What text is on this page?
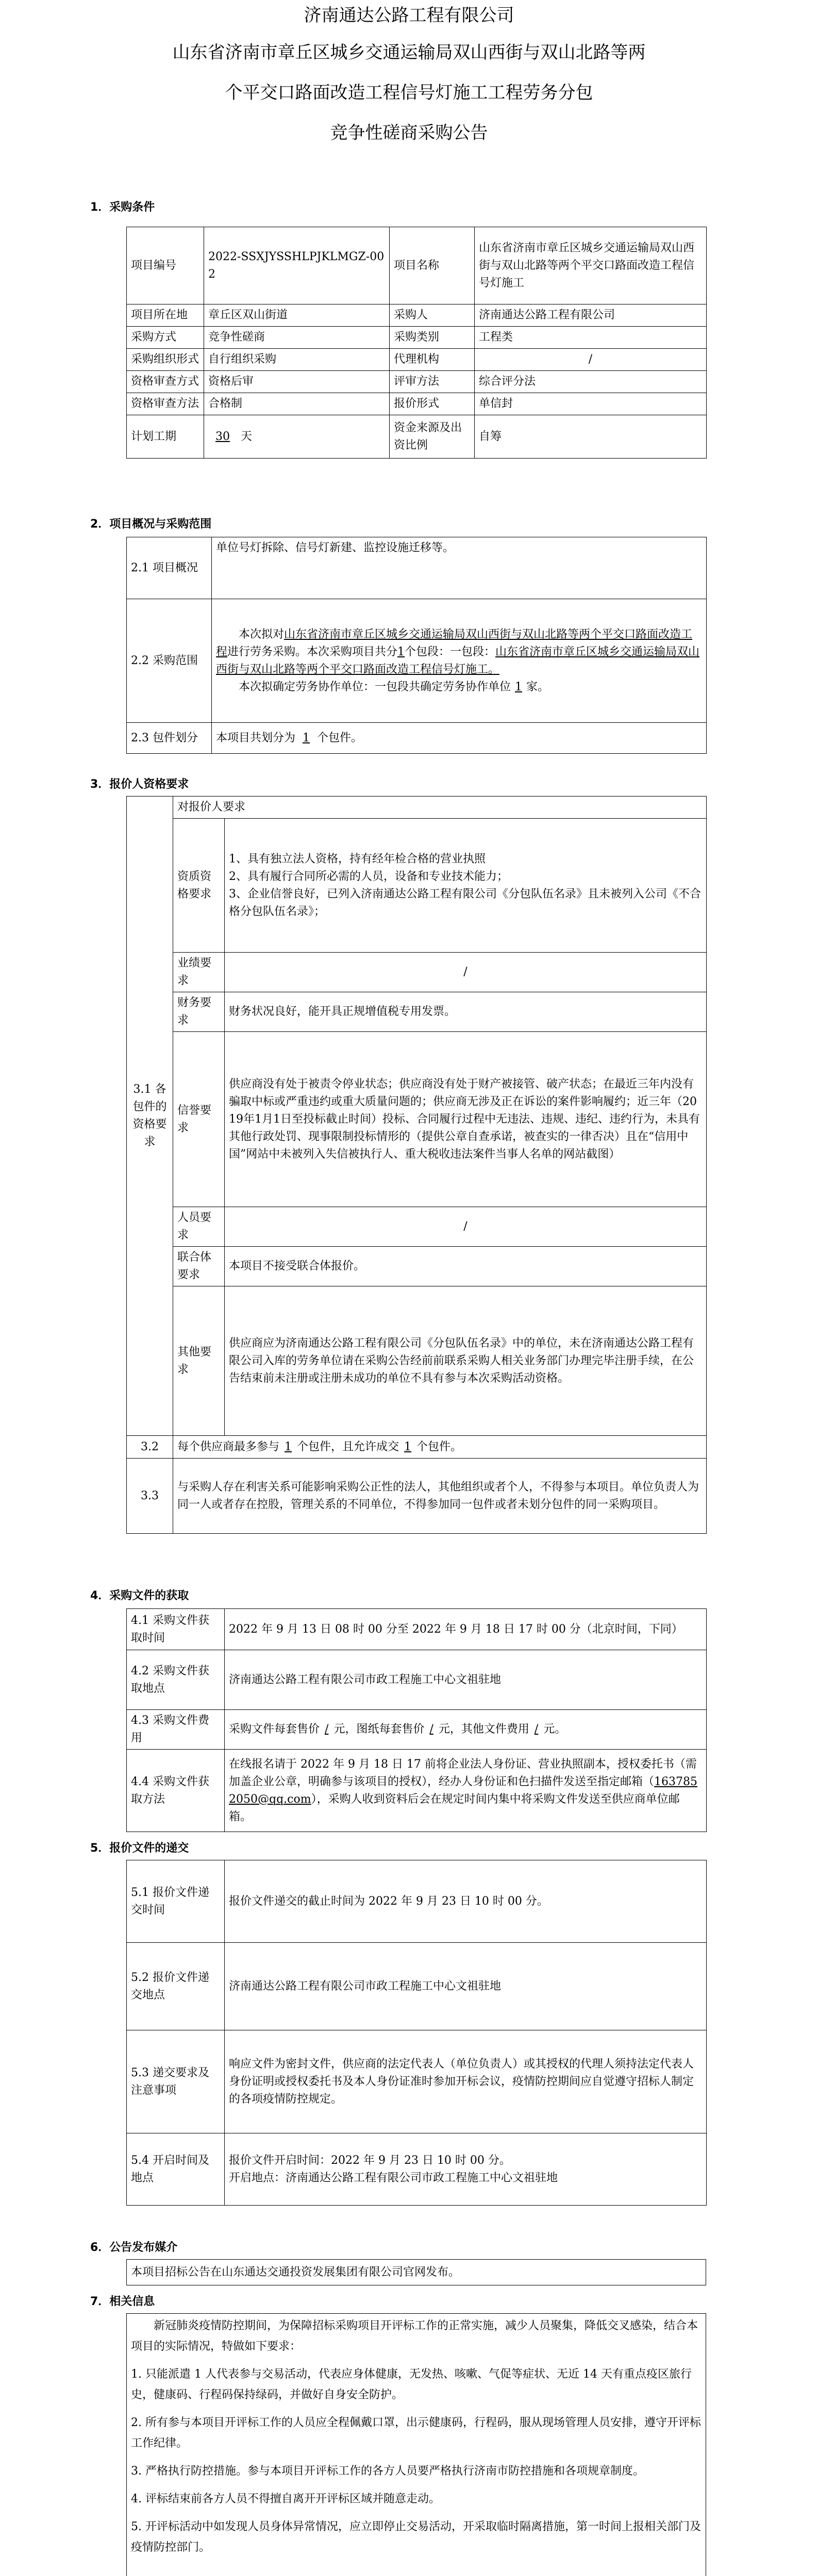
济南通达公路工程有限公司
山东省济南市章丘区城乡交通运输局双山西街与双山北路等两
个平交口路面改造工程信号灯施工工程劳务分包
竞争性磋商采购公告
1．采购条件
项目编号	2022-SSXJYSSHLPJKLMGZ-002	项目名称	山东省济南市章丘区城乡交通运输局双山西街与双山北路等两个平交口路面改造工程信号灯施工
项目所在地	章丘区双山街道	采购人	济南通达公路工程有限公司
采购方式	竞争性磋商	采购类别	工程类
采购组织形式	自行组织采购	代理机构	/
资格审查方式	资格后审	评审方法	综合评分法
资格审查方法	合格制	报价形式	单信封
计划工期	30 天	资金来源及出资比例	自筹
2．项目概况与采购范围
2.1 项目概况	单位号灯拆除、信号灯新建、监控设施迁移等。
2.2 采购范围	本次拟对山东省济南市章丘区城乡交通运输局双山西街与双山北路等两个平交口路面改造工程进行劳务采购。本次采购项目共分1个包段：一包段：山东省济南市章丘区城乡交通运输局双山西街与双山北路等两个平交口路面改造工程信号灯施工。

本次拟确定劳务协作单位：一包段共确定劳务协作单位 1 家。

2.3 包件划分	本项目共划分为 1 个包件。
3．报价人资格要求
3.1 各包件的资格要求	对报价人要求	
	资质资格要求	1、具有独立法人资格，持有经年检合格的营业执照

2、具有履行合同所必需的人员，设备和专业技术能力；

3、企业信誉良好，已列入济南通达公路工程有限公司《分包队伍名录》且未被列入公司《不合格分包队伍名录》；

	业绩要求	/
	财务要求	财务状况良好，能开具正规增值税专用发票。
	信誉要求	供应商没有处于被责令停业状态；供应商没有处于财产被接管、破产状态；在最近三年内没有骗取中标或严重违约或重大质量问题的；供应商无涉及正在诉讼的案件影响履约；近三年（2019年1月1日至投标截止时间）投标、合同履行过程中无违法、违规、违纪、违约行为，未具有其他行政处罚、现事限制投标情形的（提供公章自查承诺，被查实的一律否决）且在“信用中国”网站中未被列入失信被执行人、重大税收违法案件当事人名单的网站截图）
	人员要求	/
	联合体要求	本项目不接受联合体报价。
	其他要求	供应商应为济南通达公路工程有限公司《分包队伍名录》中的单位，未在济南通达公路工程有限公司入库的劳务单位请在采购公告经前前联系采购人相关业务部门办理完毕注册手续，在公告结束前未注册或注册未成功的单位不具有参与本次采购活动资格。
3.2	每个供应商最多参与 1 个包件，且允许成交 1 个包件。	
3.3	与采购人存在利害关系可能影响采购公正性的法人，其他组织或者个人，不得参与本项目。单位负责人为同一人或者存在控股，管理关系的不同单位，不得参加同一包件或者未划分包件的同一采购项目。	
4．采购文件的获取
4.1 采购文件获取时间	2022 年 9 月 13 日 08 时 00 分至 2022 年 9 月 18 日 17 时 00 分（北京时间，下同）
4.2 采购文件获取地点	济南通达公路工程有限公司市政工程施工中心文祖驻地
4.3 采购文件费用	采购文件每套售价 / 元，图纸每套售价 / 元，其他文件费用 / 元。
4.4 采购文件获取方法	在线报名请于 2022 年 9 月 18 日 17 前将企业法人身份证、营业执照副本，授权委托书（需加盖企业公章，明确参与该项目的授权），经办人身份证和色扫描件发送至指定邮箱（1637852050@qq.com），采购人收到资料后会在规定时间内集中将采购文件发送至供应商单位邮箱。
5．报价文件的递交
5.1 报价文件递交时间	报价文件递交的截止时间为 2022 年 9 月 23 日 10 时 00 分。
5.2 报价文件递交地点	济南通达公路工程有限公司市政工程施工中心文祖驻地
5.3 递交要求及注意事项	响应文件为密封文件，供应商的法定代表人（单位负责人）或其授权的代理人须持法定代表人身份证明或授权委托书及本人身份证准时参加开标会议，疫情防控期间应自觉遵守招标人制定的各项疫情防控规定。
5.4 开启时间及地点	报价文件开启时间：2022 年 9 月 23 日 10 时 00 分。

开启地点：济南通达公路工程有限公司市政工程施工中心文祖驻地

6．公告发布媒介
本项目招标公告在山东通达交通投资发展集团有限公司官网发布。
7．相关信息

新冠肺炎疫情防控期间，为保障招标采购项目开评标工作的正常实施，减少人员聚集，降低交叉感染，结合本项目的实际情况，特做如下要求：

1. 只能派遣 1 人代表参与交易活动，代表应身体健康，无发热、咳嗽、气促等症状、无近 14 天有重点疫区旅行史，健康码、行程码保持绿码，并做好自身安全防护。

2. 所有参与本项目开评标工作的人员应全程佩戴口罩，出示健康码，行程码，服从现场管理人员安排，遵守开评标工作纪律。

3. 严格执行防控措施。参与本项目开评标工作的各方人员要严格执行济南市防控措施和各项规章制度。

4. 评标结束前各方人员不得擅自离开开评标区域并随意走动。

5. 开评标活动中如发现人员身体异常情况，应立即停止交易活动，开采取临时隔离措施，第一时间上报相关部门及疫情防控部门。
